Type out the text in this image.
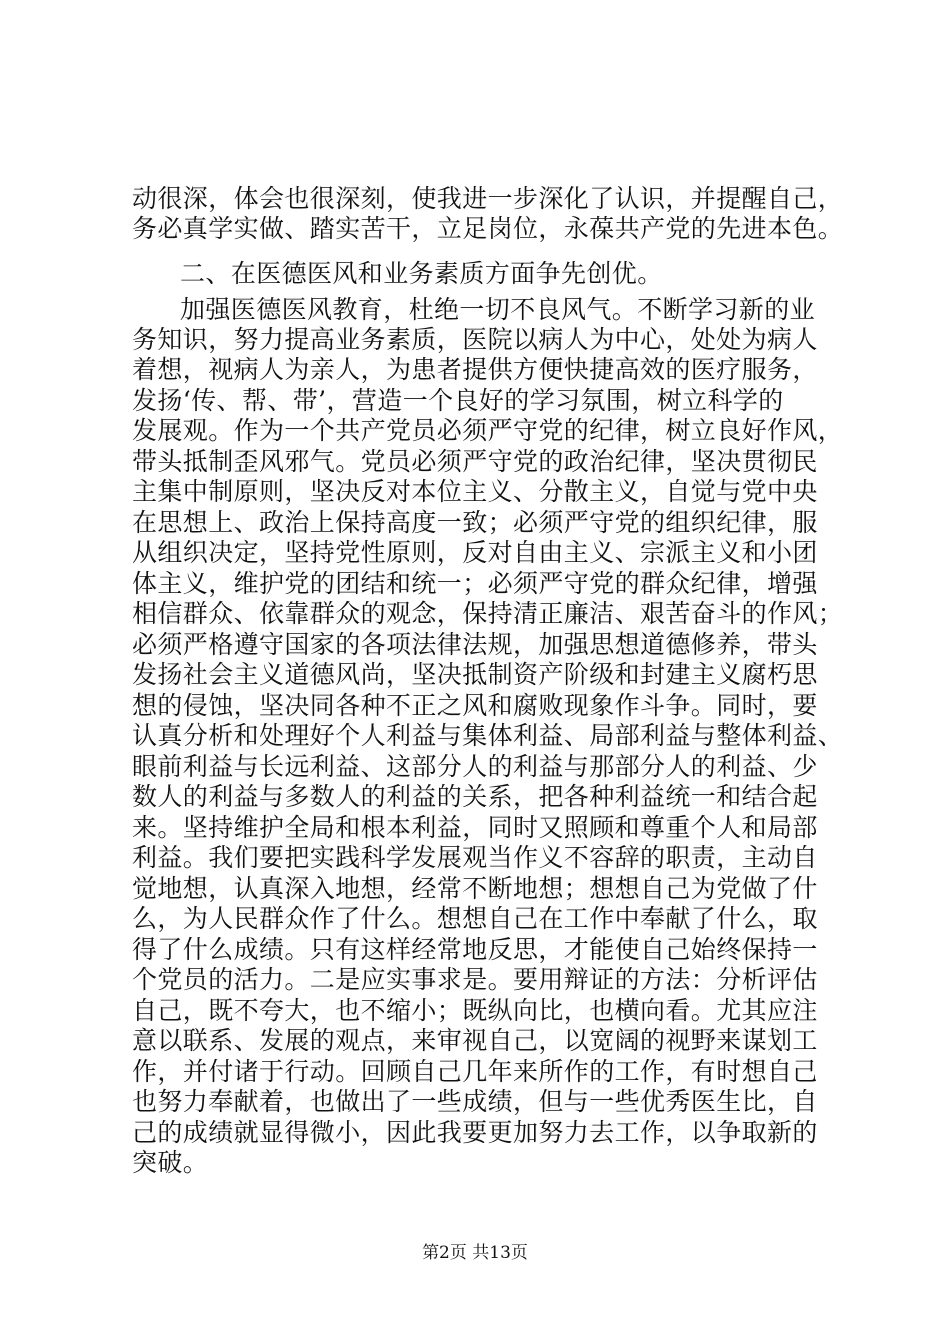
动很深，体会也很深刻，使我进一步深化了认识，并提醒自己，
务必真学实做、踏实苦干，立足岗位，永葆共产党的先进本色。
二、在医德医风和业务素质方面争先创优。
加强医德医风教育，杜绝一切不良风气。不断学习新的业
务知识，努力提高业务素质，医院以病人为中心，处处为病人
着想，视病人为亲人，为患者提供方便快捷高效的医疗服务，
发扬‘传、帮、带’，营造一个良好的学习氛围，树立科学的
发展观。作为一个共产党员必须严守党的纪律，树立良好作风，
带头抵制歪风邪气。党员必须严守党的政治纪律，坚决贯彻民
主集中制原则，坚决反对本位主义、分散主义，自觉与党中央
在思想上、政治上保持高度一致；必须严守党的组织纪律，服
从组织决定，坚持党性原则，反对自由主义、宗派主义和小团
体主义，维护党的团结和统一；必须严守党的群众纪律，增强
相信群众、依靠群众的观念，保持清正廉洁、艰苦奋斗的作风；
必须严格遵守国家的各项法律法规，加强思想道德修养，带头
发扬社会主义道德风尚，坚决抵制资产阶级和封建主义腐朽思
想的侵蚀，坚决同各种不正之风和腐败现象作斗争。同时，要
认真分析和处理好个人利益与集体利益、局部利益与整体利益、
眼前利益与长远利益、这部分人的利益与那部分人的利益、少
数人的利益与多数人的利益的关系，把各种利益统一和结合起
来。坚持维护全局和根本利益，同时又照顾和尊重个人和局部
利益。我们要把实践科学发展观当作义不容辞的职责，主动自
觉地想，认真深入地想，经常不断地想；想想自己为党做了什
么，为人民群众作了什么。想想自己在工作中奉献了什么，取
得了什么成绩。只有这样经常地反思，才能使自己始终保持一
个党员的活力。二是应实事求是。要用辩证的方法：分析评估
自己，既不夸大，也不缩小；既纵向比，也横向看。尤其应注
意以联系、发展的观点，来审视自己，以宽阔的视野来谋划工
作，并付诸于行动。回顾自己几年来所作的工作，有时想自己
也努力奉献着，也做出了一些成绩，但与一些优秀医生比，自
己的成绩就显得微小，因此我要更加努力去工作，以争取新的
突破。
第2页 共13页
